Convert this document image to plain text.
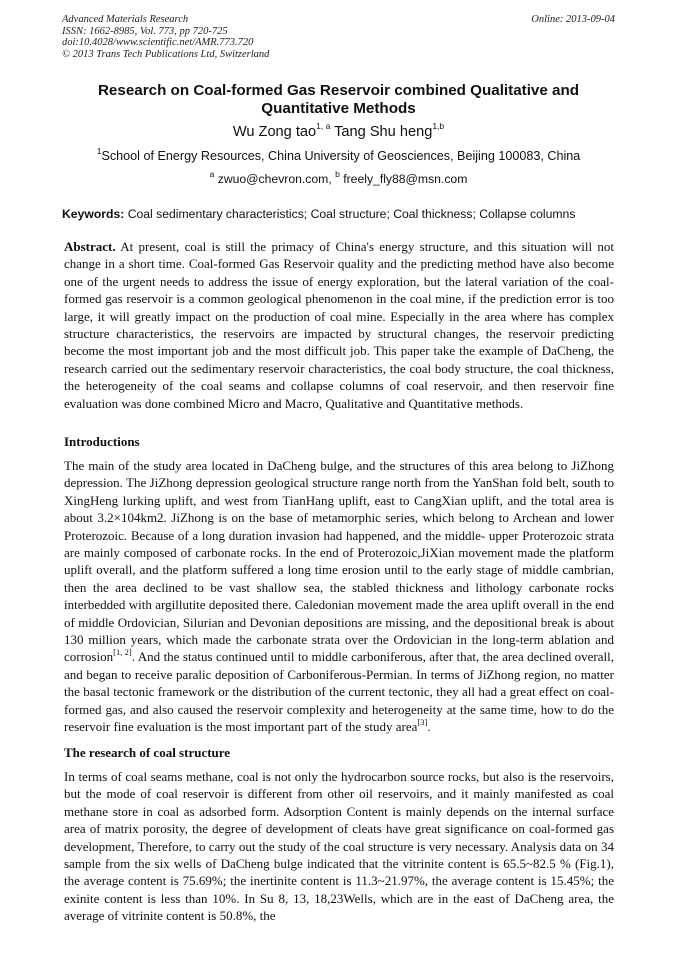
Advanced Materials Research
ISSN: 1662-8985, Vol. 773, pp 720-725
doi:10.4028/www.scientific.net/AMR.773.720
© 2013 Trans Tech Publications Ltd, Switzerland
Online: 2013-09-04
Research on Coal-formed Gas Reservoir combined Qualitative and
Quantitative Methods
Wu Zong tao$^{1, a}$ Tang Shu heng$^{1,b}$
$^1$School of Energy Resources, China University of Geosciences, Beijing 100083, China
$^a$ zwuo@chevron.com, $^b$ freely_fly88@msn.com
Keywords: Coal sedimentary characteristics; Coal structure; Coal thickness; Collapse columns
Abstract. At present, coal is still the primacy of China's energy structure, and this situation will not change in a short time. Coal-formed Gas Reservoir quality and the predicting method have also become one of the urgent needs to address the issue of energy exploration, but the lateral variation of the coal-formed gas reservoir is a common geological phenomenon in the coal mine, if the prediction error is too large, it will greatly impact on the production of coal mine. Especially in the area where has complex structure characteristics, the reservoirs are impacted by structural changes, the reservoir predicting become the most important job and the most difficult job. This paper take the example of DaCheng, the research carried out the sedimentary reservoir characteristics, the coal body structure, the coal thickness, the heterogeneity of the coal seams and collapse columns of coal reservoir, and then reservoir fine evaluation was done combined Micro and Macro, Qualitative and Quantitative methods.
Introductions
The main of the study area located in DaCheng bulge, and the structures of this area belong to JiZhong depression. The JiZhong depression geological structure range north from the YanShan fold belt, south to XingHeng lurking uplift, and west from TianHang uplift, east to CangXian uplift, and the total area is about 3.2×104km2. JiZhong is on the base of metamorphic series, which belong to Archean and lower Proterozoic. Because of a long duration invasion had happened, and the middle- upper Proterozoic strata are mainly composed of carbonate rocks. In the end of Proterozoic,JiXian movement made the platform uplift overall, and the platform suffered a long time erosion until to the early stage of middle cambrian, then the area declined to be vast shallow sea, the stabled thickness and lithology carbonate rocks interbedded with argillutite deposited there. Caledonian movement made the area uplift overall in the end of middle Ordovician, Silurian and Devonian depositions are missing, and the depositional break is about 130 million years, which made the carbonate strata over the Ordovician in the long-term ablation and corrosion[1, 2]. And the status continued until to middle carboniferous, after that, the area declined overall, and began to receive paralic deposition of Carboniferous-Permian. In terms of JiZhong region, no matter the basal tectonic framework or the distribution of the current tectonic, they all had a great effect on coal-formed gas, and also caused the reservoir complexity and heterogeneity at the same time, how to do the reservoir fine evaluation is the most important part of the study area[3].
The research of coal structure
In terms of coal seams methane, coal is not only the hydrocarbon source rocks, but also is the reservoirs, but the mode of coal reservoir is different from other oil reservoirs, and it mainly manifested as coal methane store in coal as adsorbed form. Adsorption Content is mainly depends on the internal surface area of matrix porosity, the degree of development of cleats have great significance on coal-formed gas development, Therefore, to carry out the study of the coal structure is very necessary. Analysis data on 34 sample from the six wells of DaCheng bulge indicated that the vitrinite content is 65.5~82.5 % (Fig.1), the average content is 75.69%; the inertinite content is 11.3~21.97%, the average content is 15.45%; the exinite content is less than 10%. In Su 8, 13, 18,23Wells, which are in the east of DaCheng area, the average of vitrinite content is 50.8%, the
